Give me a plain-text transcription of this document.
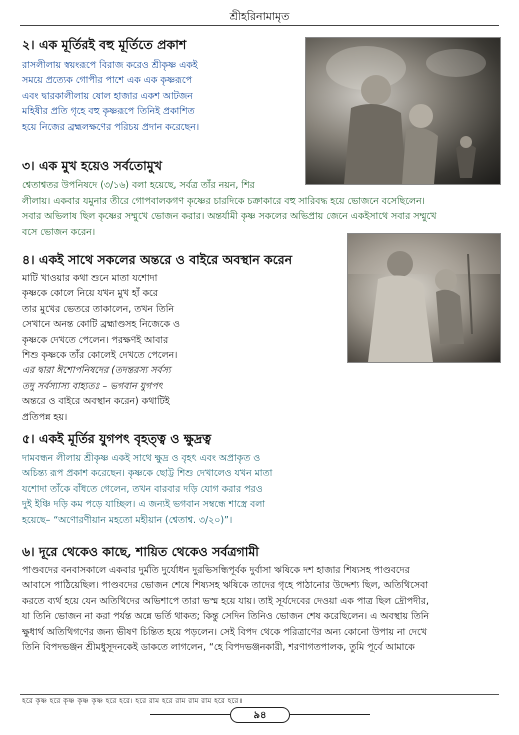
শ্রীহরিনামামৃত
২। এক মূর্তিরই বহু মূর্তিতে প্রকাশ
রাসলীলায় স্বয়ংরূপে বিরাজ করেও শ্রীকৃষ্ণ একই
সময়ে প্রত্যেক গোপীর পাশে এক এক কৃষ্ণরূপে
এবং দ্বারকালীলায় ষোল হাজার একশ আটজন
মহিষীর প্রতি গৃহে বহু কৃষ্ণরূপে তিনিই প্রকাশিত
হয়ে নিজের ব্রহ্মলক্ষণের পরিচয় প্রদান করেছেন।
৩। এক মুখ হয়েও সর্বতোমুখ
শ্বেতাশ্বতর উপনিষদে (৩/১৬) বলা হয়েছে, সর্বত্র তাঁর নয়ন, শির
লীলায়। একবার যমুনার তীরে গোপবালকগণ কৃষ্ণের চারদিকে চক্রাকারে বহু সারিবদ্ধ হয়ে ভোজনে বসেছিলেন।
সবার অভিলাষ ছিল কৃষ্ণের সম্মুখে ভোজন করার। অন্তর্যামী কৃষ্ণ সকলের অভিপ্রায় জেনে একইসাথে সবার সম্মুখে
বসে ভোজন করেন।
৪। একই সাথে সকলের অন্তরে ও বাইরে অবস্থান করেন
মাটি খাওয়ার কথা শুনে মাতা যশোদা
কৃষ্ণকে কোলে নিয়ে যখন মুখ হাঁ করে
তার মুখের ভেতরে তাকালেন, তখন তিনি
সেখানে অনন্ত কোটি ব্রহ্মাণ্ডসহ নিজেকে ও
কৃষ্ণকে দেখতে পেলেন। পরক্ষণই আবার
শিশু কৃষ্ণকে তাঁর কোলেই দেখতে পেলেন।
এর দ্বারা ঈশোপনিষদের (তদন্তরস্য সর্বস্য
তদু সর্বস্যাস্য বাহ্যতঃ – ভগবান যুগপৎ
অন্তরে ও বাইরে অবস্থান করেন) কথাটিই
প্রতিপন্ন হয়।
৫। একই মূর্তির যুগপৎ বৃহত্ত্ব ও ক্ষুদ্রত্ব
দামবন্ধন লীলায় শ্রীকৃষ্ণ একই সাথে ক্ষুদ্র ও বৃহৎ এবং অপ্রাকৃত ও
অচিন্ত্য রূপ প্রকাশ করেছেন। কৃষ্ণকে ছোট্ট শিশু দেখালেও যখন মাতা
যশোদা তাঁকে বাঁধতে গেলেন, তখন বারবার দড়ি যোগ করার পরও
দুই ইঞ্চি দড়ি কম পড়ে যাচ্ছিল। এ জন্যই ভগবান সম্বন্ধে শাস্ত্রে বলা
হয়েছে– “অণোরণীয়ান মহতো মহীয়ান (শ্বেতাশ্ব. ৩/২০)”।
৬। দূরে থেকেও কাছে, শায়িত থেকেও সর্বত্রগামী
পাণ্ডবদের বনবাসকালে একবার দুর্মতি দুর্যোধন দুরভিসন্ধিপূর্বক দুর্বাসা ঋষিকে দশ হাজার শিষ্যসহ পাণ্ডবদের
আবাসে পাঠিয়েছিল। পাণ্ডবদের ভোজন শেষে শিষ্যসহ ঋষিকে তাদের গৃহে পাঠানোর উদ্দেশ্য ছিল, অতিথিসেবা
করতে ব্যর্থ হয়ে যেন অতিথিদের অভিশাপে তারা ভস্ম হয়ে যায়। তাই সূর্যদেবের দেওয়া এক পাত্র ছিল দ্রৌপদীর,
যা তিনি ভোজন না করা পর্যন্ত অন্নে ভর্তি থাকত; কিন্তু সেদিন তিনিও ভোজন শেষ করেছিলেন। এ অবস্থায় তিনি
ক্ষুধার্থ অতিথিগণের জন্য ভীষণ চিন্তিত হয়ে পড়লেন। সেই বিপদ থেকে পরিত্রাণের অন্য কোনো উপায় না দেখে
তিনি বিপদভঞ্জন শ্রীমধুসূদনকেই ডাকতে লাগলেন, “হে বিপদভঞ্জনকারী, শরণাগতপালক, তুমি পূর্বে আমাকে
হরে কৃষ্ণ হরে কৃষ্ণ কৃষ্ণ কৃষ্ণ হরে হরে। হরে রাম হরে রাম রাম রাম হরে হরে॥
৯৪
